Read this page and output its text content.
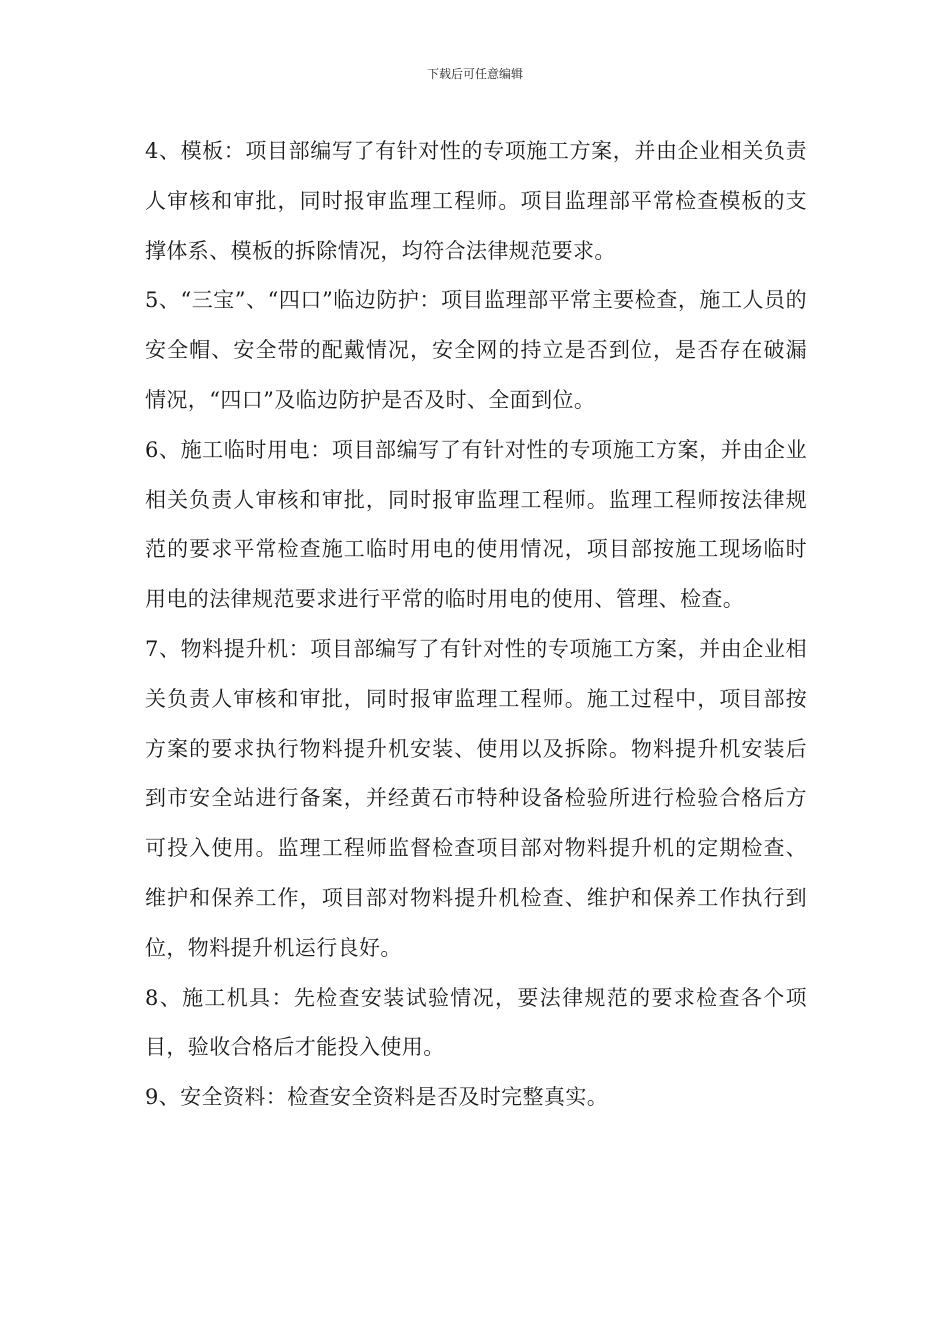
下载后可任意编辑

4、模板：项目部编写了有针对性的专项施工方案，并由企业相关负责人审核和审批，同时报审监理工程师。项目监理部平常检查模板的支撑体系、模板的拆除情况，均符合法律规范要求。

5、“三宝”、“四口”临边防护：项目监理部平常主要检查，施工人员的安全帽、安全带的配戴情况，安全网的持立是否到位，是否存在破漏情况，“四口”及临边防护是否及时、全面到位。

6、施工临时用电：项目部编写了有针对性的专项施工方案，并由企业相关负责人审核和审批，同时报审监理工程师。监理工程师按法律规范的要求平常检查施工临时用电的使用情况，项目部按施工现场临时用电的法律规范要求进行平常的临时用电的使用、管理、检查。

7、物料提升机：项目部编写了有针对性的专项施工方案，并由企业相关负责人审核和审批，同时报审监理工程师。施工过程中，项目部按方案的要求执行物料提升机安装、使用以及拆除。物料提升机安装后到市安全站进行备案，并经黄石市特种设备检验所进行检验合格后方可投入使用。监理工程师监督检查项目部对物料提升机的定期检查、维护和保养工作，项目部对物料提升机检查、维护和保养工作执行到位，物料提升机运行良好。

8、施工机具：先检查安装试验情况，要法律规范的要求检查各个项目，验收合格后才能投入使用。

9、安全资料：检查安全资料是否及时完整真实。
